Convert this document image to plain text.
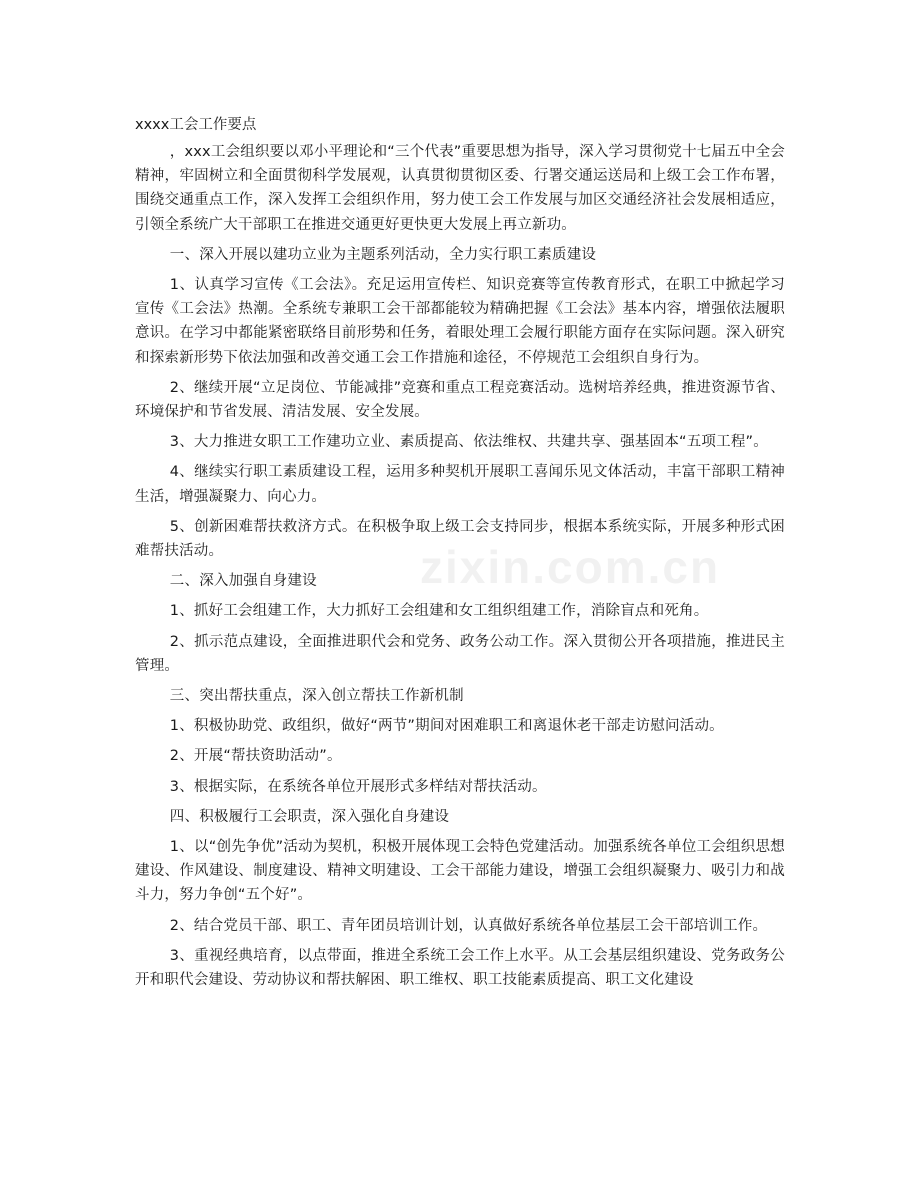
zixin.com.cn

xxxx工会工作要点

，xxx工会组织要以邓小平理论和“三个代表”重要思想为指导，深入学习贯彻党十七届五中全会精神，牢固树立和全面贯彻科学发展观，认真贯彻贯彻区委、行署交通运送局和上级工会工作布署，围绕交通重点工作，深入发挥工会组织作用，努力使工会工作发展与加区交通经济社会发展相适应，引领全系统广大干部职工在推进交通更好更快更大发展上再立新功。

一、深入开展以建功立业为主题系列活动，全力实行职工素质建设

1、认真学习宣传《工会法》。充足运用宣传栏、知识竞赛等宣传教育形式，在职工中掀起学习宣传《工会法》热潮。全系统专兼职工会干部都能较为精确把握《工会法》基本内容，增强依法履职意识。在学习中都能紧密联络目前形势和任务，着眼处理工会履行职能方面存在实际问题。深入研究和探索新形势下依法加强和改善交通工会工作措施和途径，不停规范工会组织自身行为。

2、继续开展“立足岗位、节能减排”竞赛和重点工程竞赛活动。选树培养经典，推进资源节省、环境保护和节省发展、清洁发展、安全发展。

3、大力推进女职工工作建功立业、素质提高、依法维权、共建共享、强基固本“五项工程”。

4、继续实行职工素质建设工程，运用多种契机开展职工喜闻乐见文体活动，丰富干部职工精神生活，增强凝聚力、向心力。

5、创新困难帮扶救济方式。在积极争取上级工会支持同步，根据本系统实际，开展多种形式困难帮扶活动。

二、深入加强自身建设

1、抓好工会组建工作，大力抓好工会组建和女工组织组建工作，消除盲点和死角。

2、抓示范点建设，全面推进职代会和党务、政务公动工作。深入贯彻公开各项措施，推进民主管理。

三、突出帮扶重点，深入创立帮扶工作新机制

1、积极协助党、政组织，做好“两节”期间对困难职工和离退休老干部走访慰问活动。

2、开展“帮扶资助活动”。

3、根据实际，在系统各单位开展形式多样结对帮扶活动。

四、积极履行工会职责，深入强化自身建设

1、以“创先争优”活动为契机，积极开展体现工会特色党建活动。加强系统各单位工会组织思想建设、作风建设、制度建设、精神文明建设、工会干部能力建设，增强工会组织凝聚力、吸引力和战斗力，努力争创“五个好”。

2、结合党员干部、职工、青年团员培训计划，认真做好系统各单位基层工会干部培训工作。

3、重视经典培育，以点带面，推进全系统工会工作上水平。从工会基层组织建设、党务政务公开和职代会建设、劳动协议和帮扶解困、职工维权、职工技能素质提高、职工文化建设
